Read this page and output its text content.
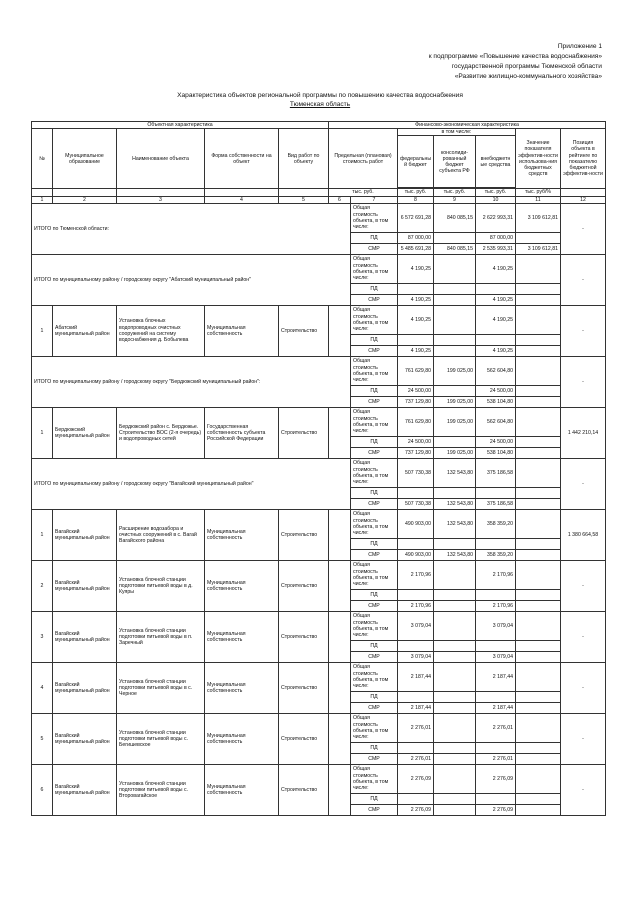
Приложение 1
к подпрограмме «Повышение качества водоснабжения»
государственной программы Тюменской области
«Развитие жилищно-коммунального хозяйства»
Характеристика объектов региональной программы по повышению качества водоснабжения
Тюменская область
Объектная характеристика					Финансово-экономическая характеристика							
№	Муниципальное образование	Наименование объекта	Форма собственности на объект	Вид работ по объекту	Предельная (плановая) стоимость работ		в том числе:			Значение показателя эффектив-ности использова-ния бюджетных средств	Позиция объекта в рейтинге по показателю бюджетной эффектив-ности	
							федеральны й бюджет	консолиди-рованный бюджет субъекта РФ	внебюджетн ые средства			

					тыс. руб.		тыс. руб.	тыс. руб.	тыс. руб.	тыс. руб/%		
1	2	3	4	5	6	7	8	9	10	11	12	
ИТОГО по Тюменской области:						Общая стоимость объекта, в том числе:	6 572 691,28	840 085,15	2 622 993,31	3 109 612,81	-	
						ПД	87 000,00		87 000,00			
						СМР	5 485 691,28	840 085,15	2 535 993,31	3 109 612,81		
ИТОГО по муниципальному району / городскому округу "Абатский муниципальный район"						Общая стоимость объекта, в том числе:	4 190,25		4 190,25		-	
						ПД						
						СМР	4 190,25		4 190,25			
1	Абатский муниципальный район	Установка блочных водопроводных очистных сооружений на систему водоснабжения д. Бобылева	Муниципальная собственность	Строительство		Общая стоимость объекта, в том числе:	4 190,25		4 190,25		-	
						ПД						
						СМР	4 190,25		4 190,25			
ИТОГО по муниципальному району / городскому округу "Бердюжский муниципальный район":						Общая стоимость объекта, в том числе:	761 629,80	199 025,00	562 604,80		-	
						ПД	24 500,00		24 500,00			
						СМР	737 129,80	199 025,00	538 104,80			
1	Бердюжский муниципальный район	Бердюжский район с. Бердюжье. Строительство ВОС (2-я очередь) и водопроводных сетей	Государственная собственность субъекта Российской Федерации	Строительство		Общая стоимость объекта, в том числе:	761 629,80	199 025,00	562 604,80		1 442 210,14	
						ПД	24 500,00		24 500,00			
						СМР	737 129,80	199 025,00	538 104,80			
ИТОГО по муниципальному району / городскому округу "Вагайский муниципальный район"						Общая стоимость объекта, в том числе:	507 730,38	132 543,80	375 186,58		-	
						ПД						
						СМР	507 730,38	132 543,80	375 186,58			
1	Вагайский муниципальный район	Расширение водозабора и очистных сооружений в с. Вагай Вагайского района	Муниципальная собственность	Строительство		Общая стоимость объекта, в том числе:	490 903,00	132 543,80	358 359,20		1 380 664,58	
						ПД						
						СМР	490 903,00	132 543,80	358 359,20			
2	Вагайский муниципальный район	Установка блочной станции подготовки питьевой воды в д. Куяры	Муниципальная собственность	Строительство		Общая стоимость объекта, в том числе:	2 170,96		2 170,96		-	
						ПД						
						СМР	2 170,96		2 170,96			
3	Вагайский муниципальный район	Установка блочной станции подготовки питьевой воды в п. Заречный	Муниципальная собственность	Строительство		Общая стоимость объекта, в том числе:	3 079,04		3 079,04		-	
						ПД						
						СМР	3 079,04		3 079,04			
4	Вагайский муниципальный район	Установка блочной станции подготовки питьевой воды в с. Черное	Муниципальная собственность	Строительство		Общая стоимость объекта, в том числе:	2 187,44		2 187,44		-	
						ПД						
						СМР	2 187,44		2 187,44			
5	Вагайский муниципальный район	Установка блочной станции подготовки питьевой воды с. Бегишевское	Муниципальная собственность	Строительство		Общая стоимость объекта, в том числе:	2 276,01		2 276,01		-	
						ПД						
						СМР	2 276,01		2 276,01			
6	Вагайский муниципальный район	Установка блочной станции подготовки питьевой воды с. Второвагайское	Муниципальная собственность	Строительство		Общая стоимость объекта, в том числе:	2 276,09		2 276,09		-	
						ПД						
						СМР	2 276,09		2 276,09			
